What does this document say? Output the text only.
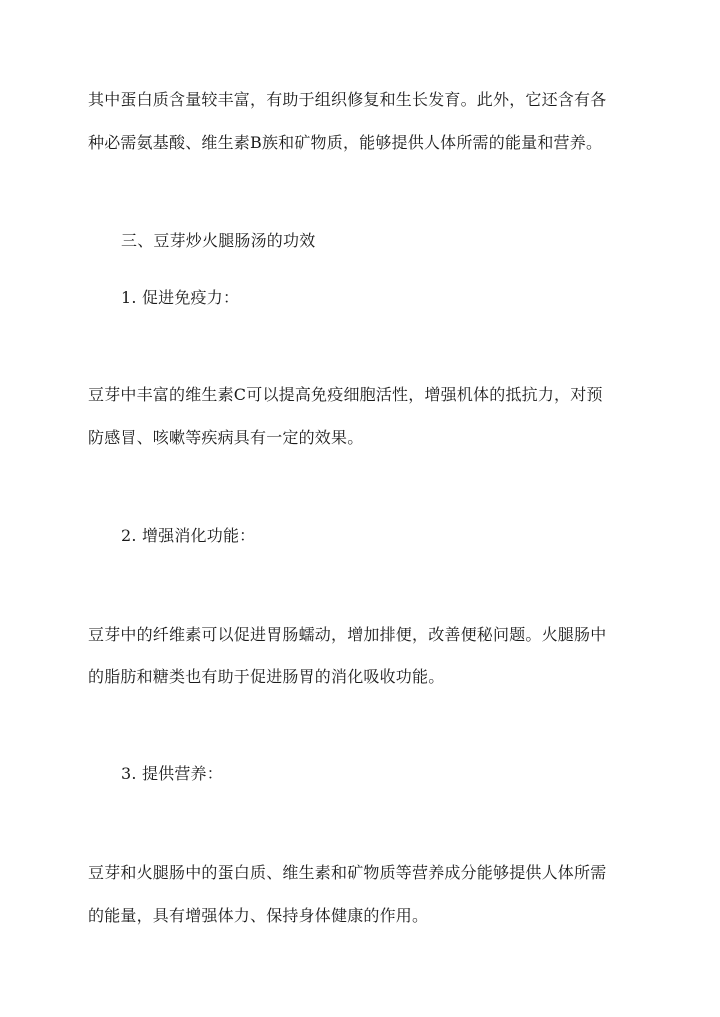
其中蛋白质含量较丰富，有助于组织修复和生长发育。此外，它还含有各
种必需氨基酸、维生素B族和矿物质，能够提供人体所需的能量和营养。
三、豆芽炒火腿肠汤的功效
1. 促进免疫力：
豆芽中丰富的维生素C可以提高免疫细胞活性，增强机体的抵抗力，对预
防感冒、咳嗽等疾病具有一定的效果。
2. 增强消化功能：
豆芽中的纤维素可以促进胃肠蠕动，增加排便，改善便秘问题。火腿肠中
的脂肪和糖类也有助于促进肠胃的消化吸收功能。
3. 提供营养：
豆芽和火腿肠中的蛋白质、维生素和矿物质等营养成分能够提供人体所需
的能量，具有增强体力、保持身体健康的作用。
